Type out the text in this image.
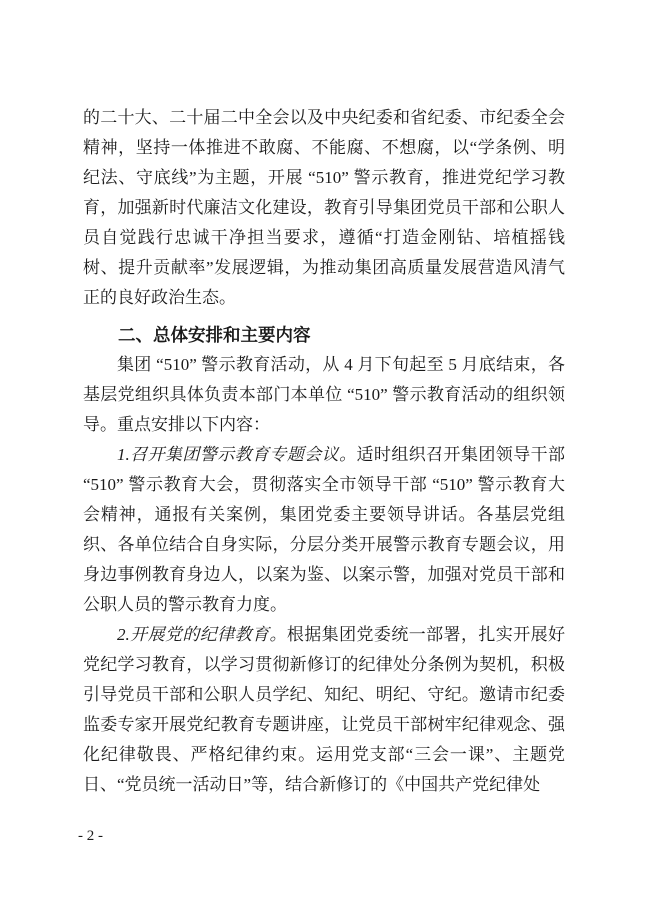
的二十大、二十届二中全会以及中央纪委和省纪委、市纪委全会精神，坚持一体推进不敢腐、不能腐、不想腐，以“学条例、明纪法、守底线”为主题，开展 “510” 警示教育，推进党纪学习教育，加强新时代廉洁文化建设，教育引导集团党员干部和公职人员自觉践行忠诚干净担当要求，遵循“打造金刚钻、培植摇钱树、提升贡献率”发展逻辑，为推动集团高质量发展营造风清气正的良好政治生态。

二、总体安排和主要内容

集团 “510” 警示教育活动，从 4 月下旬起至 5 月底结束，各基层党组织具体负责本部门本单位 “510” 警示教育活动的组织领导。重点安排以下内容：

1.召开集团警示教育专题会议。适时组织召开集团领导干部 “510” 警示教育大会，贯彻落实全市领导干部 “510” 警示教育大会精神，通报有关案例，集团党委主要领导讲话。各基层党组织、各单位结合自身实际，分层分类开展警示教育专题会议，用身边事例教育身边人，以案为鉴、以案示警，加强对党员干部和公职人员的警示教育力度。

2.开展党的纪律教育。根据集团党委统一部署，扎实开展好党纪学习教育，以学习贯彻新修订的纪律处分条例为契机，积极引导党员干部和公职人员学纪、知纪、明纪、守纪。邀请市纪委监委专家开展党纪教育专题讲座，让党员干部树牢纪律观念、强化纪律敬畏、严格纪律约束。运用党支部“三会一课”、主题党日、“党员统一活动日”等，结合新修订的《中国共产党纪律处

- 2 -
